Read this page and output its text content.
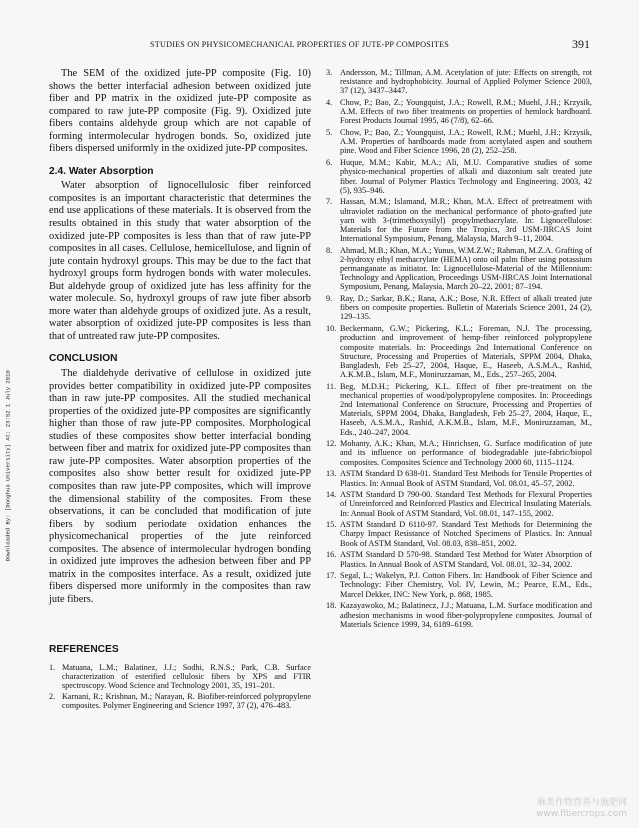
STUDIES ON PHYSICOMECHANICAL PROPERTIES OF JUTE-PP COMPOSITES	391
Downloaded By: [Donghua University] At: 23:52 1 July 2010

The SEM of the oxidized jute-PP composite (Fig. 10) shows the better interfacial adhesion between oxidized jute fiber and PP matrix in the oxidized jute-PP composite as compared to raw jute-PP composite (Fig. 9). Oxidized jute fibers contains aldehyde group which are not capable of forming intermolecular hydrogen bonds. So, oxidized jute fibers dispersed uniformly in the oxidized jute-PP composites.

2.4. Water Absorption

Water absorption of lignocellulosic fiber reinforced composites is an important characteristic that determines the end use applications of these materials. It is observed from the results obtained in this study that water absorption of the oxidized jute-PP composites is less than that of raw jute-PP composites in all cases. Cellulose, hemicellulose, and lignin of jute contain hydroxyl groups. This may be due to the fact that hydroxyl groups form hydrogen bonds with water molecules. But aldehyde group of oxidized jute has less affinity for the water molecule. So, hydroxyl groups of raw jute fiber absorb more water than aldehyde groups of oxidized jute. As a result, water absorption of oxidized jute-PP composites is less than that of untreated raw jute-PP composites.

CONCLUSION

The dialdehyde derivative of cellulose in oxidized jute provides better compatibility in oxidized jute-PP composites than in raw jute-PP composites. All the studied mechanical properties of the oxidized jute-PP composites are significantly higher than those of raw jute-PP composites. Morphological studies of these composites show better interfacial bonding between fiber and matrix for oxidized jute-PP composites than raw jute-PP composites. Water absorption properties of the composites also show better result for oxidized jute-PP composites than raw jute-PP composites, which will improve the dimensional stability of the composites. From these observations, it can be concluded that modification of jute fibers by sodium periodate oxidation enhances the physicomechanical properties of the jute reinforced composites. The absence of intermolecular hydrogen bonding in oxidized jute improves the adhesion between fiber and PP matrix in the composites interface. As a result, oxidized jute fibers dispersed more uniformly in the composites than raw jute fibers.

REFERENCES
1. Matuana, L.M.; Balatinez, J.J.; Sodhi, R.N.S.; Park, C.B. Surface characterization of esterified cellulosic fibers by XPS and FTIR spectroscopy. Wood Science and Technology 2001, 35, 191–201.
2. Karnani, R.; Krishnan, M.; Narayan, R. Biofiber-reinforced polypropylene composites. Polymer Engineering and Science 1997, 37 (2), 476–483.
3. Andersson, M.; Tillman, A.M. Acetylation of jute: Effects on strength, rot resistance and hydrophobicity. Journal of Applied Polymer Science 2003, 37 (12), 3437–3447.
4. Chow, P.; Bao, Z.; Youngquist, J.A.; Rowell, R.M.; Muehl, J.H.; Krzysik, A.M. Effects of two fiber treatments on properties of hemlock hardboard. Forest Products Journal 1995, 46 (7/8), 62–66.
5. Chow, P.; Bao, Z.; Youngquist, J.A.; Rowell, R.M.; Muehl, J.H.; Krzysik, A.M. Properties of hardboards made from acetylated aspen and southern pine. Wood and Fiber Science 1996, 28 (2), 252–258.
6. Huque, M.M.; Kabir, M.A.; Ali, M.U. Comparative studies of some physico-mechanical properties of alkali and diazonium salt treated jute fiber. Journal of Polymer Plastics Technology and Engineering. 2003, 42 (5), 935–946.
7. Hassan, M.M.; Islamand, M.R.; Khan, M.A. Effect of pretreatment with ultraviolet radiation on the mechanical performance of photo-grafted jute yarn with 3-(trimethoxysilyl) propylmethacrylate. In: Lignocellulose: Materials for the Future from the Tropics, 3rd USM-JIRCAS Joint International Symposium, Penang, Malaysia, March 9–11, 2004.
8. Ahmad, M.B.; Khan, M.A.; Yunus, W.M.Z.W.; Rahman, M.Z.A. Grafting of 2-hydroxy ethyl methacrylate (HEMA) onto oil palm fiber using potassium permanganate as initiator. In: Lignocellulose-Material of the Millennium: Technology and Application, Proceedings USM-JIRCAS Joint International Symposium, Penang, Malaysia, March 20–22, 2001; 87–194.
9. Ray, D.; Sarkar, B.K.; Rana, A.K.; Bose, N.R. Effect of alkali treated jute fibers on composite properties. Bulletin of Materials Science 2001, 24 (2), 129–135.
10. Beckermann, G.W.; Pickering, K.L.; Foreman, N.J. The processing, production and improvement of hemp-fiber reinforced polypropylene composite materials. In: Proceedings 2nd International Conference on Structure, Processing and Properties of Materials, SPPM 2004, Dhaka, Bangladesh, Feb 25–27, 2004, Haque, E., Haseeb, A.S.M.A., Rashid, A.K.M.B., Islam, M.F., Moniruzzaman, M., Eds., 257–265, 2004.
11. Beg, M.D.H.; Pickering, K.L. Effect of fiber pre-treatment on the mechanical properties of wood/polypropylene composites. In: Proceedings 2nd International Conference on Structure, Processing and Properties of Materials, SPPM 2004, Dhaka, Bangladesh, Feb 25–27, 2004, Haque, E., Haseeb, A.S.M.A., Rashid, A.K.M.B., Islam, M.F., Moniruzzaman, M., Eds., 240–247, 2004.
12. Mohanty, A.K.; Khan, M.A.; Hinrichsen, G. Surface modification of jute and its influence on performance of biodegradable jute-fabric/biopol composites. Composites Science and Technology 2000 60, 1115–1124.
13. ASTM Standard D 638-01. Standard Test Methods for Tensile Properties of Plastics. In: Annual Book of ASTM Standard, Vol. 08.01, 45–57, 2002.
14. ASTM Standard D 790-00. Standard Test Methods for Flexural Properties of Unreinforced and Reinforced Plastics and Electrical Insulating Materials. In: Annual Book of ASTM Standard, Vol. 08.01, 147–155, 2002.
15. ASTM Standard D 6110-97. Standard Test Methods for Determining the Charpy Impact Resistance of Notched Specimens of Plastics. In: Annual Book of ASTM Standard, Vol. 08.03, 838–851, 2002.
16. ASTM Standard D 570-98. Standard Test Method for Water Absorption of Plastics. In Annual Book of ASTM Standard, Vol. 08.01, 32–34, 2002.
17. Segal, L.; Wakelyn, P.J. Cotton Fibers. In: Handbook of Fiber Science and Technology: Fiber Chemistry, Vol. IV, Lewin, M.; Pearce, E.M., Eds., Marcel Dekker, INC: New York, p. 868, 1985.
18. Kazayawoko, M.; Balatinecz, J.J.; Matuana, L.M. Surface modification and adhesion mechanisms in wood fiber-polypropylene composites. Journal of Materials Science 1999, 34, 6189–6199.
麻类作物营养与施肥网
www.fibercrops.com
